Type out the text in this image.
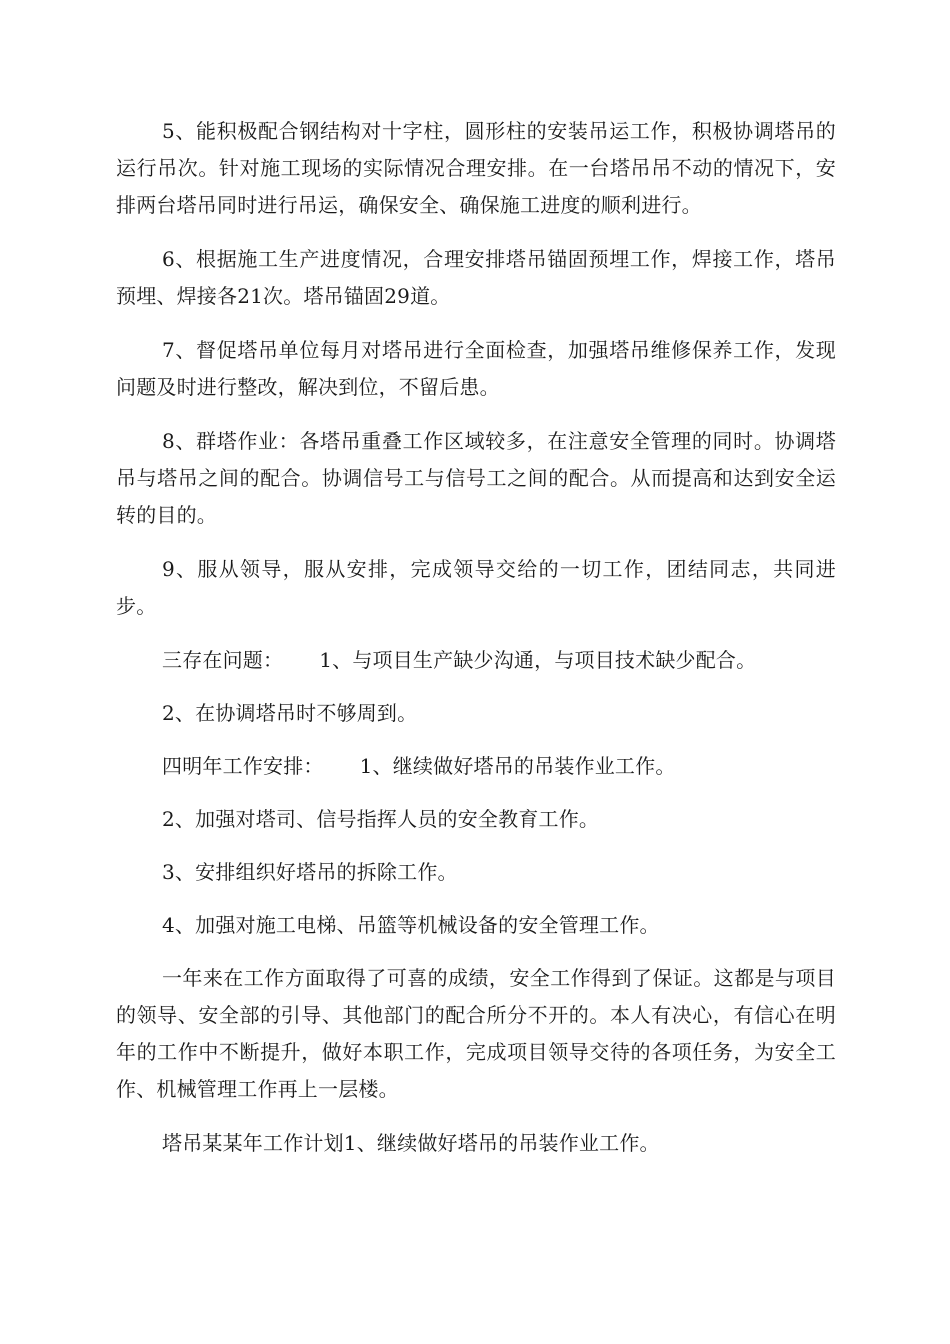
5、能积极配合钢结构对十字柱，圆形柱的安装吊运工作，积极协调塔吊的运行吊次。针对施工现场的实际情况合理安排。在一台塔吊吊不动的情况下，安排两台塔吊同时进行吊运，确保安全、确保施工进度的顺利进行。

6、根据施工生产进度情况，合理安排塔吊锚固预埋工作，焊接工作，塔吊预埋、焊接各21次。塔吊锚固29道。

7、督促塔吊单位每月对塔吊进行全面检查，加强塔吊维修保养工作，发现问题及时进行整改，解决到位，不留后患。

8、群塔作业：各塔吊重叠工作区域较多，在注意安全管理的同时。协调塔吊与塔吊之间的配合。协调信号工与信号工之间的配合。从而提高和达到安全运转的目的。

9、服从领导，服从安排，完成领导交给的一切工作，团结同志，共同进步。

三存在问题： 1、与项目生产缺少沟通，与项目技术缺少配合。

2、在协调塔吊时不够周到。

四明年工作安排： 1、继续做好塔吊的吊装作业工作。

2、加强对塔司、信号指挥人员的安全教育工作。

3、安排组织好塔吊的拆除工作。

4、加强对施工电梯、吊篮等机械设备的安全管理工作。

一年来在工作方面取得了可喜的成绩，安全工作得到了保证。这都是与项目的领导、安全部的引导、其他部门的配合所分不开的。本人有决心，有信心在明年的工作中不断提升，做好本职工作，完成项目领导交待的各项任务，为安全工作、机械管理工作再上一层楼。

塔吊某某年工作计划1、继续做好塔吊的吊装作业工作。
